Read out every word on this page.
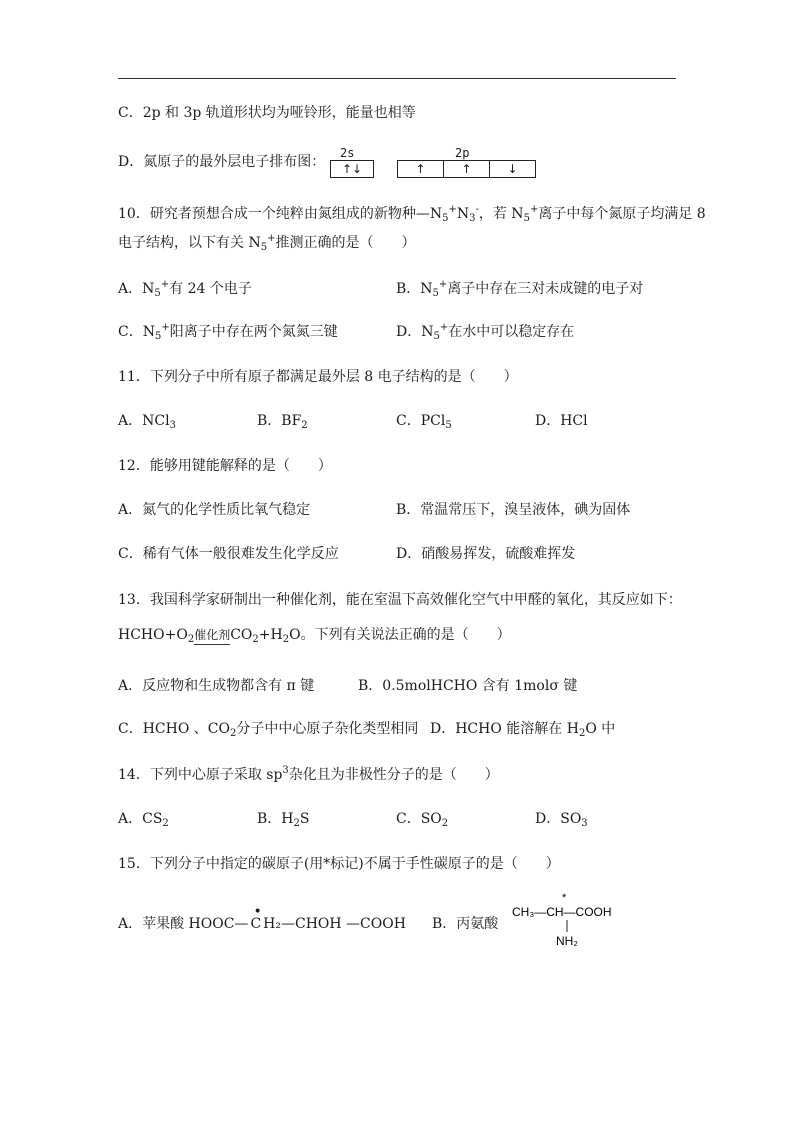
C．2p 和 3p 轨道形状均为哑铃形，能量也相等
D．氮原子的最外层电子排布图：
2s
↑↓
2p
↑	↑	↓
10．研究者预想合成一个纯粹由氮组成的新物种$—N_5^+N_3^-$，若 $N_5^+$离子中每个氮原子均满足 8
电子结构，以下有关 $N_5^+$推测正确的是（　　）
A．$N_5^+$有 24 个电子	B．$N_5^+$离子中存在三对未成键的电子对
C．$N_5^+$阳离子中存在两个氮氮三键	D．$N_5^+$在水中可以稳定存在
11．下列分子中所有原子都满足最外层 8 电子结构的是（　　）
A．NCl$_3$	B．$BF_2$	C．PCl$_5$	D．HCl
12．能够用键能解释的是（　　）
A．氮气的化学性质比氧气稳定	B．常温常压下，溴呈液体，碘为固体
C．稀有气体一般很难发生化学反应	D．硝酸易挥发，硫酸难挥发
13．我国科学家研制出一种催化剂，能在室温下高效催化空气中甲醛的氧化，其反应如下：
$HCHO+O_2$催化剂$CO_2+H_2O$。下列有关说法正确的是（　　）
A．反应物和生成物都含有 π 键	B．0.5molHCHO 含有 1molσ 键
C．HCHO 、$CO_2$分子中中心原子杂化类型相同 D．HCHO 能溶解在 $H_2O$ 中
14．下列中心原子采取 $sp^3$杂化且为非极性分子的是（　　）
A．$CS_2$	B．$H_2S$	C．$SO_2$	D．$SO_3$
15．下列分子中指定的碳原子(用*标记)不属于手性碳原子的是（　　）
A．苹果酸 HOOC—
•
C H₂—CHOH —COOH B．丙氨酸
CH₃—CH—COOH
*
NH₂
